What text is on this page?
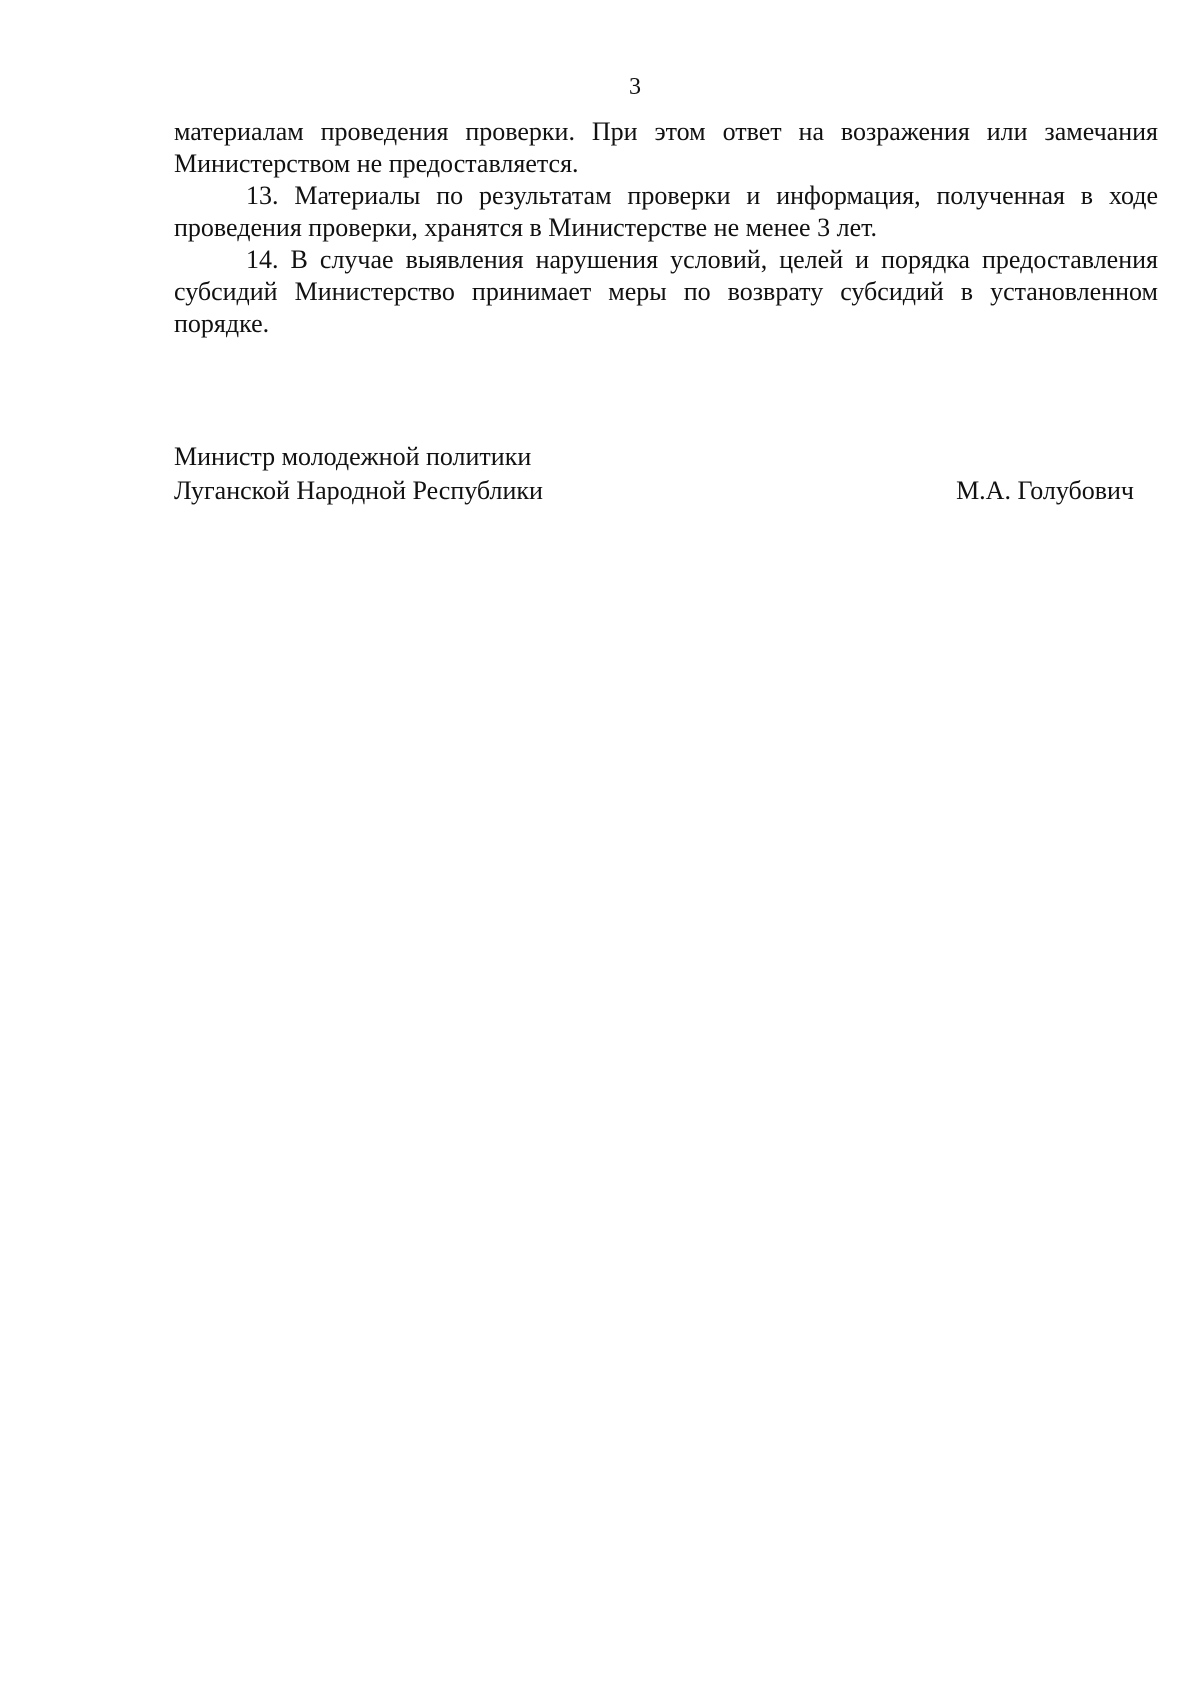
3

материалам проведения проверки. При этом ответ на возражения или замечания Министерством не предоставляется.

13. Материалы по результатам проверки и информация, полученная в ходе проведения проверки, хранятся в Министерстве не менее 3 лет.

14. В случае выявления нарушения условий, целей и порядка предоставления субсидий Министерство принимает меры по возврату субсидий в установленном порядке.

Министр молодежной политики
Луганской Народной Республики	М.А. Голубович
